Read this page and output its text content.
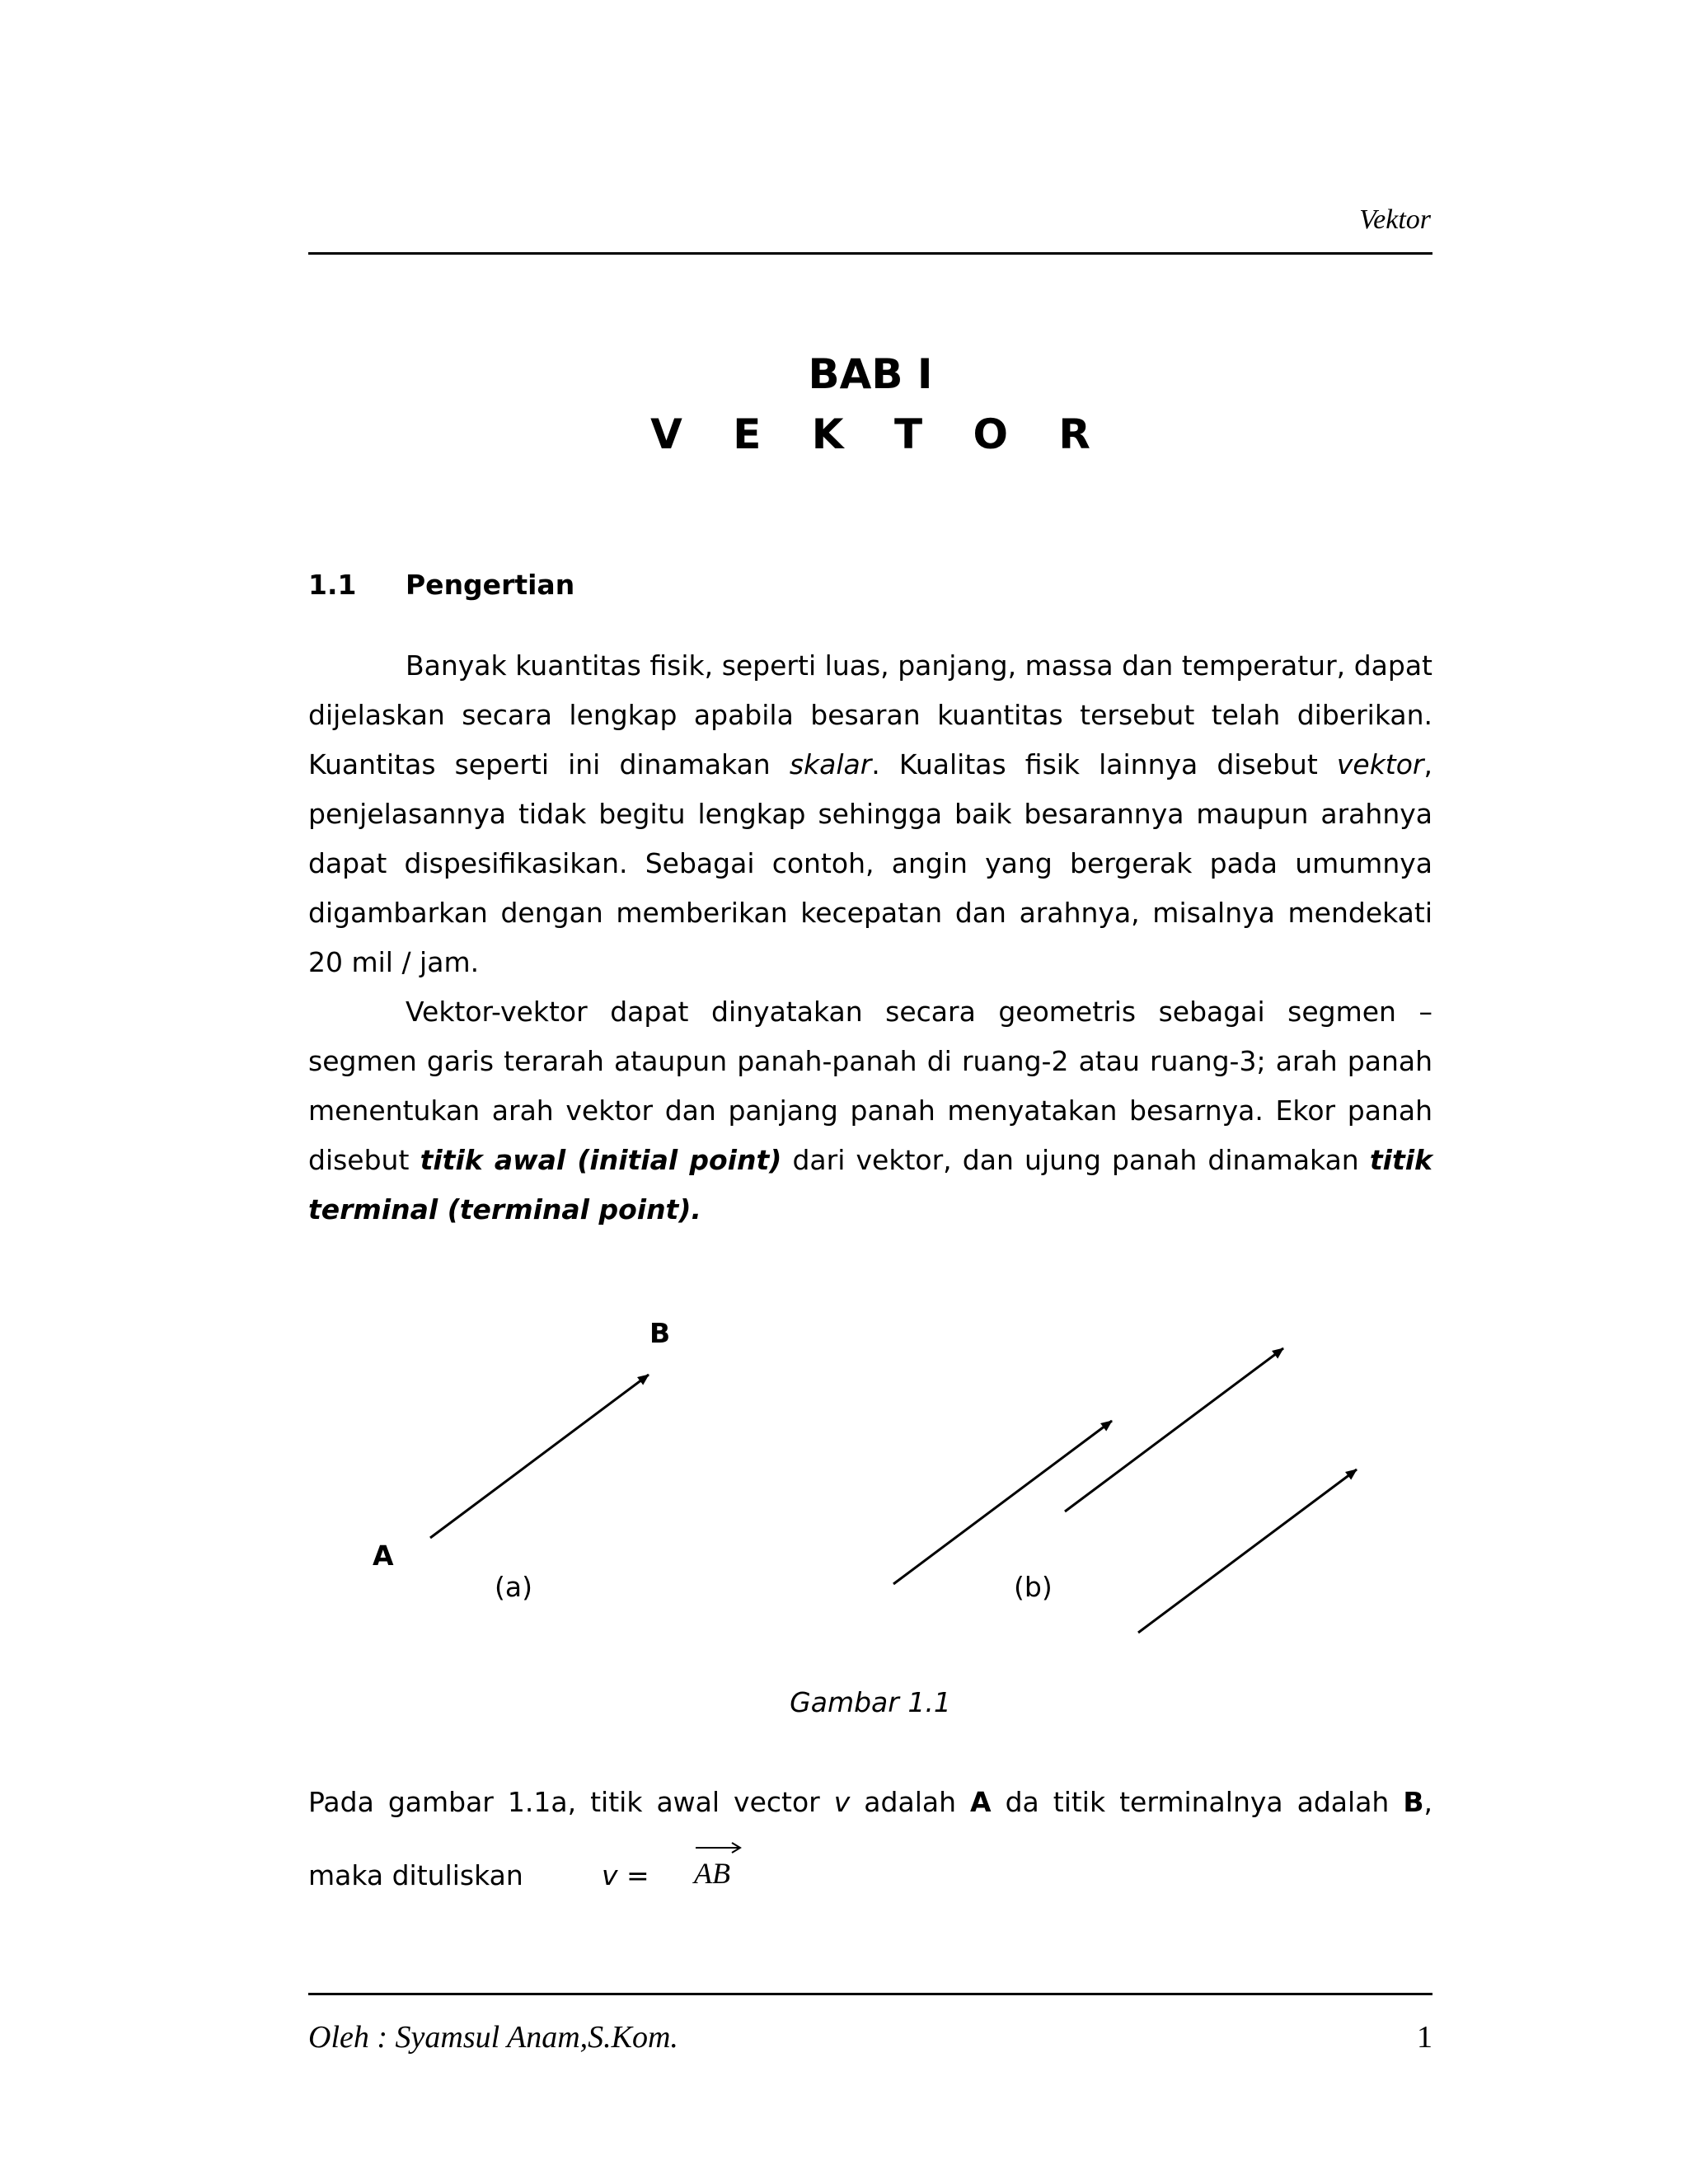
Vektor
BAB I
V E K T O R
1.1 Pengertian
Banyak kuantitas fisik, seperti luas, panjang, massa dan temperatur, dapat dijelaskan secara lengkap apabila besaran kuantitas tersebut telah diberikan. Kuantitas seperti ini dinamakan skalar. Kualitas fisik lainnya disebut vektor, penjelasannya tidak begitu lengkap sehingga baik besarannya maupun arahnya dapat dispesifikasikan. Sebagai contoh, angin yang bergerak pada umumnya digambarkan dengan memberikan kecepatan dan arahnya, misalnya mendekati 20 mil / jam.
Vektor-vektor dapat dinyatakan secara geometris sebagai segmen – segmen garis terarah ataupun panah-panah di ruang-2 atau ruang-3; arah panah menentukan arah vektor dan panjang panah menyatakan besarnya. Ekor panah disebut titik awal (initial point) dari vektor, dan ujung panah dinamakan titik terminal (terminal point).
B
A
(a)	(b)
Gambar 1.1
Pada gambar 1.1a, titik awal vector v adalah A da titik terminalnya adalah B,
maka dituliskan	v = AB
Oleh : Syamsul Anam,S.Kom.	1
